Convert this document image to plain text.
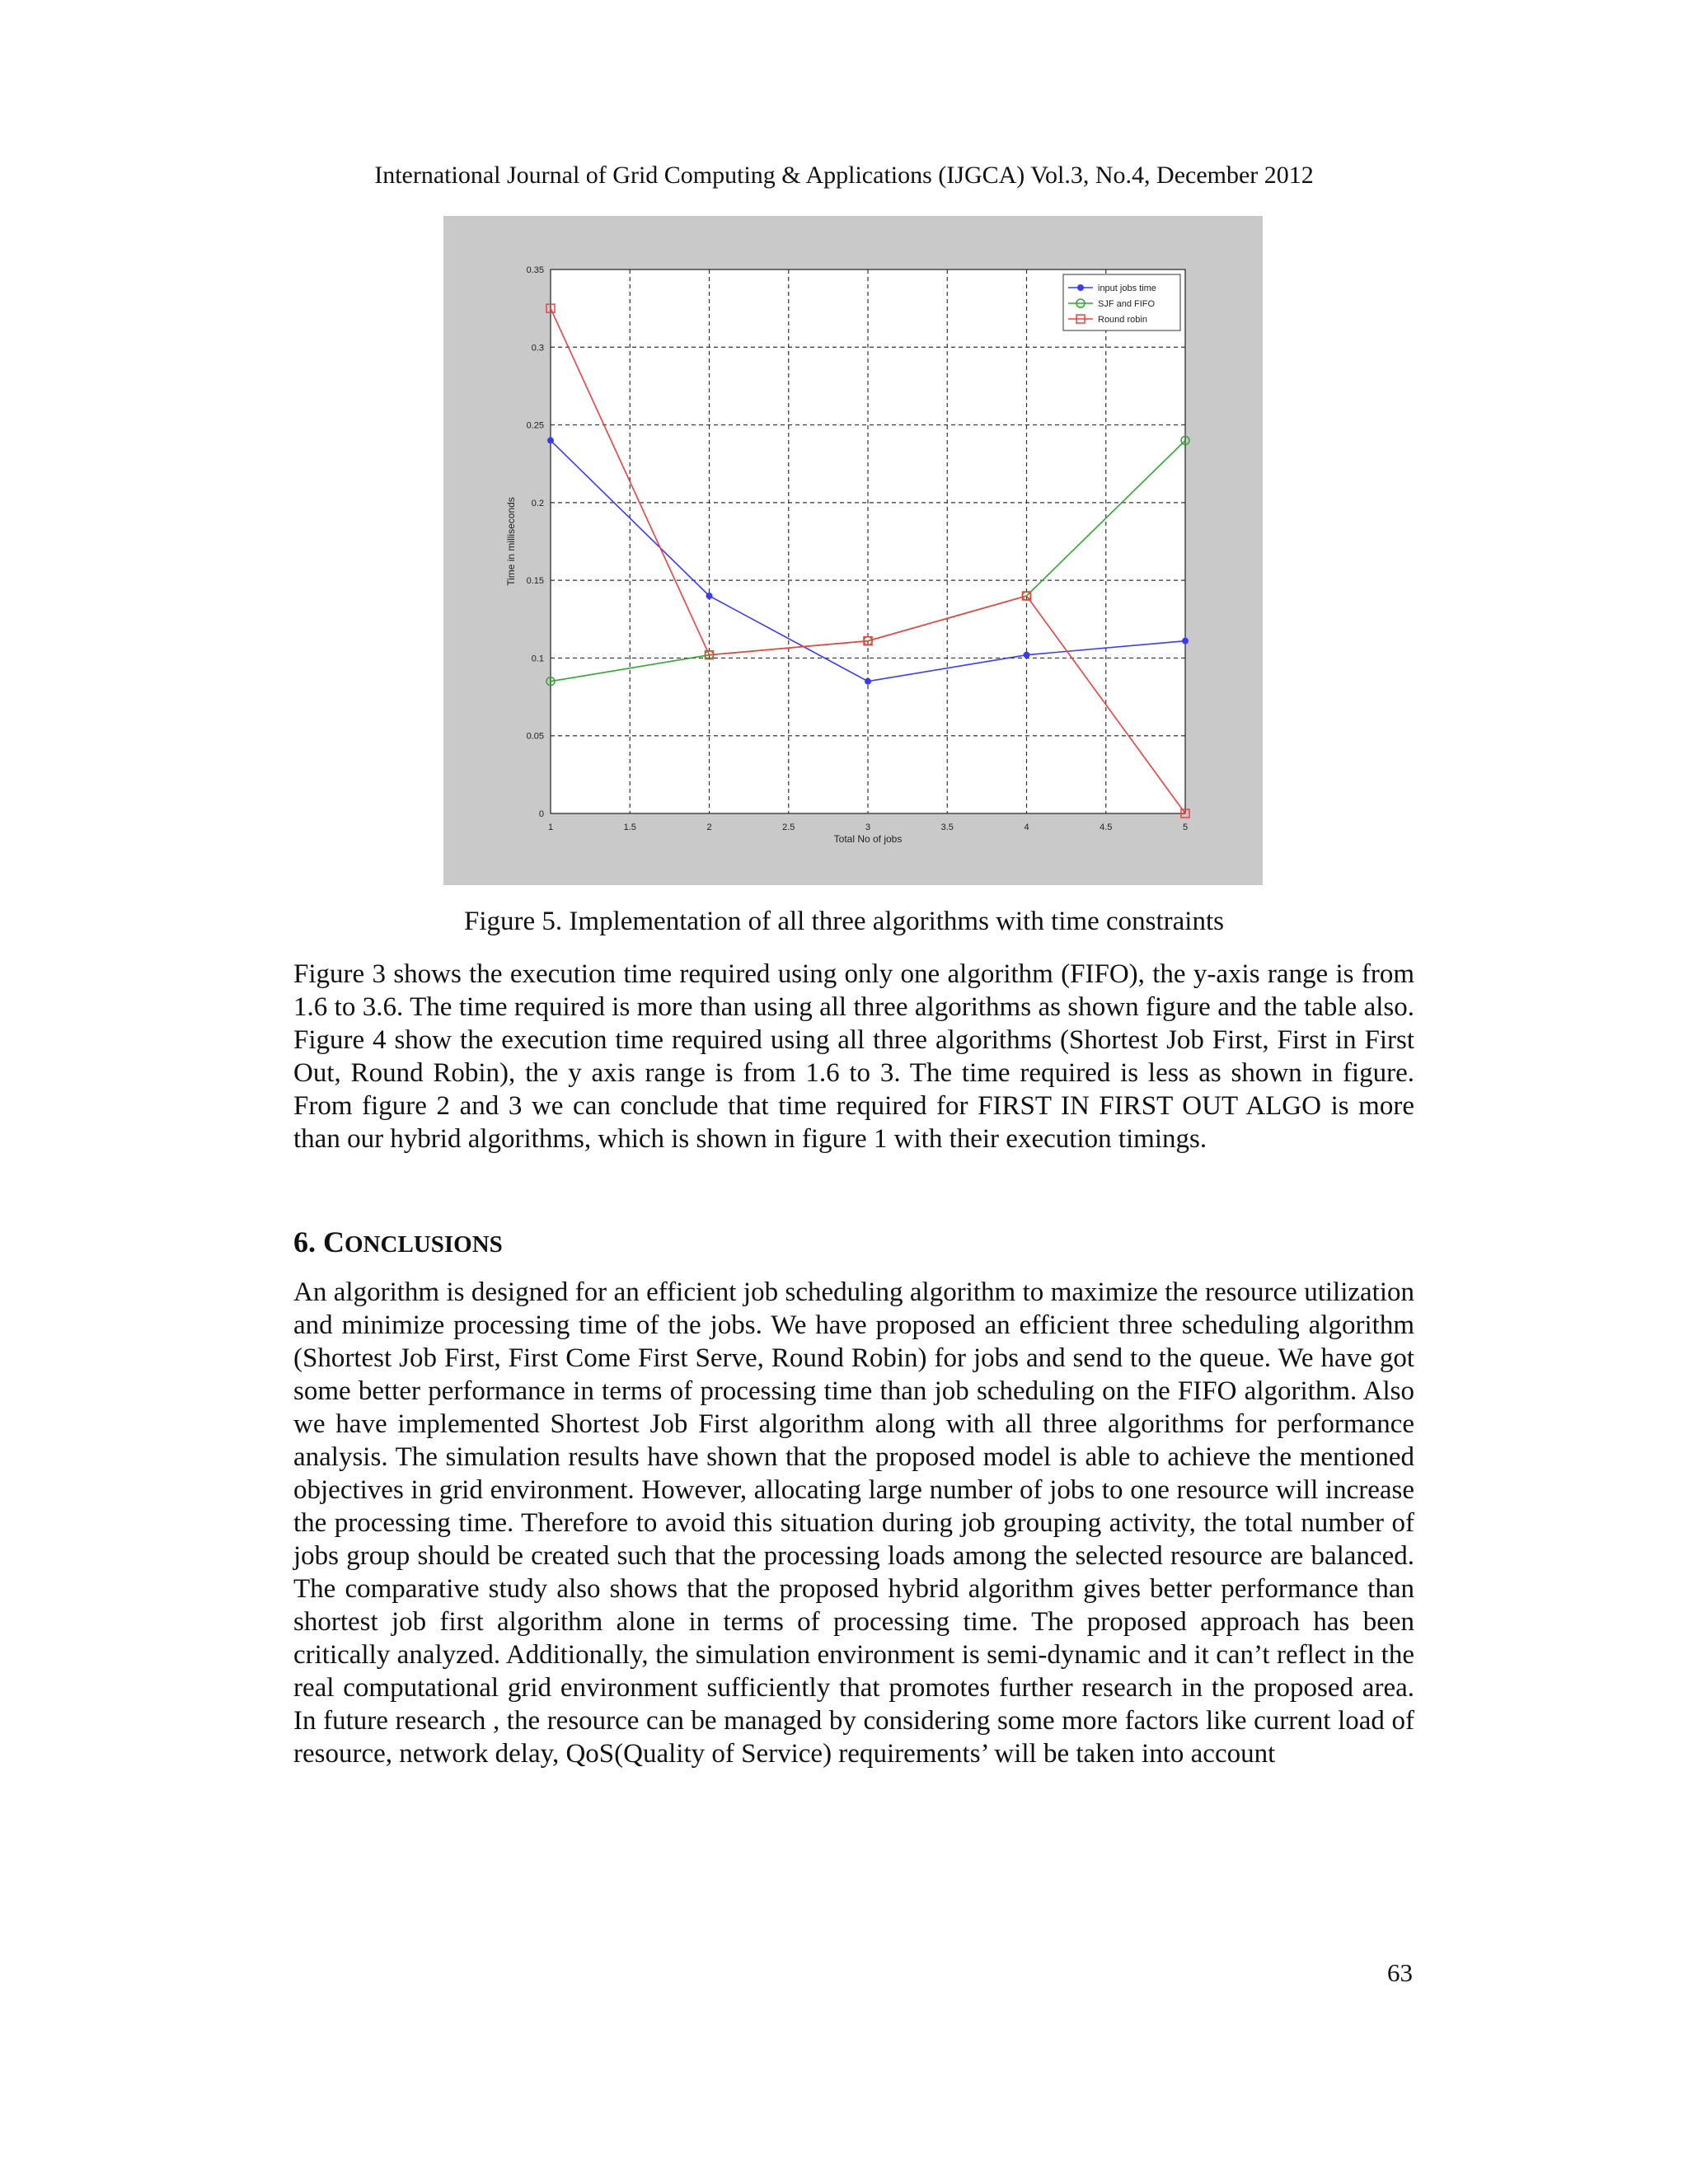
International Journal of Grid Computing & Applications (IJGCA) Vol.3, No.4, December 2012
1	1.5	2	2.5	3	3.5	4	4.5	5
0
0.05
0.1
0.15
0.2
0.25
0.3
0.35
Total No of jobs
Time in milliseconds
input jobs time
SJF and FIFO
Round robin
Figure 5. Implementation of all three algorithms with time constraints

Figure 3 shows the execution time required using only one algorithm (FIFO), the y-axis range is from 1.6 to 3.6. The time required is more than using all three algorithms as shown figure and the table also. Figure 4 show the execution time required using all three algorithms (Shortest Job First, First in First Out, Round Robin), the y axis range is from 1.6 to 3. The time required is less as shown in figure. From figure 2 and 3 we can conclude that time required for FIRST IN FIRST OUT ALGO is more than our hybrid algorithms, which is shown in figure 1 with their execution timings.

6. CONCLUSIONS

An algorithm is designed for an efficient job scheduling algorithm to maximize the resource utilization and minimize processing time of the jobs. We have proposed an efficient three scheduling algorithm (Shortest Job First, First Come First Serve, Round Robin) for jobs and send to the queue. We have got some better performance in terms of processing time than job scheduling on the FIFO algorithm. Also we have implemented Shortest Job First algorithm along with all three algorithms for performance analysis. The simulation results have shown that the proposed model is able to achieve the mentioned objectives in grid environment. However, allocating large number of jobs to one resource will increase the processing time. Therefore to avoid this situation during job grouping activity, the total number of jobs group should be created such that the processing loads among the selected resource are balanced. The comparative study also shows that the proposed hybrid algorithm gives better performance than shortest job first algorithm alone in terms of processing time. The proposed approach has been critically analyzed. Additionally, the simulation environment is semi-dynamic and it can’t reflect in the real computational grid environment sufficiently that promotes further research in the proposed area. In future research , the resource can be managed by considering some more factors like current load of resource, network delay, QoS(Quality of Service) requirements’ will be taken into account

63
